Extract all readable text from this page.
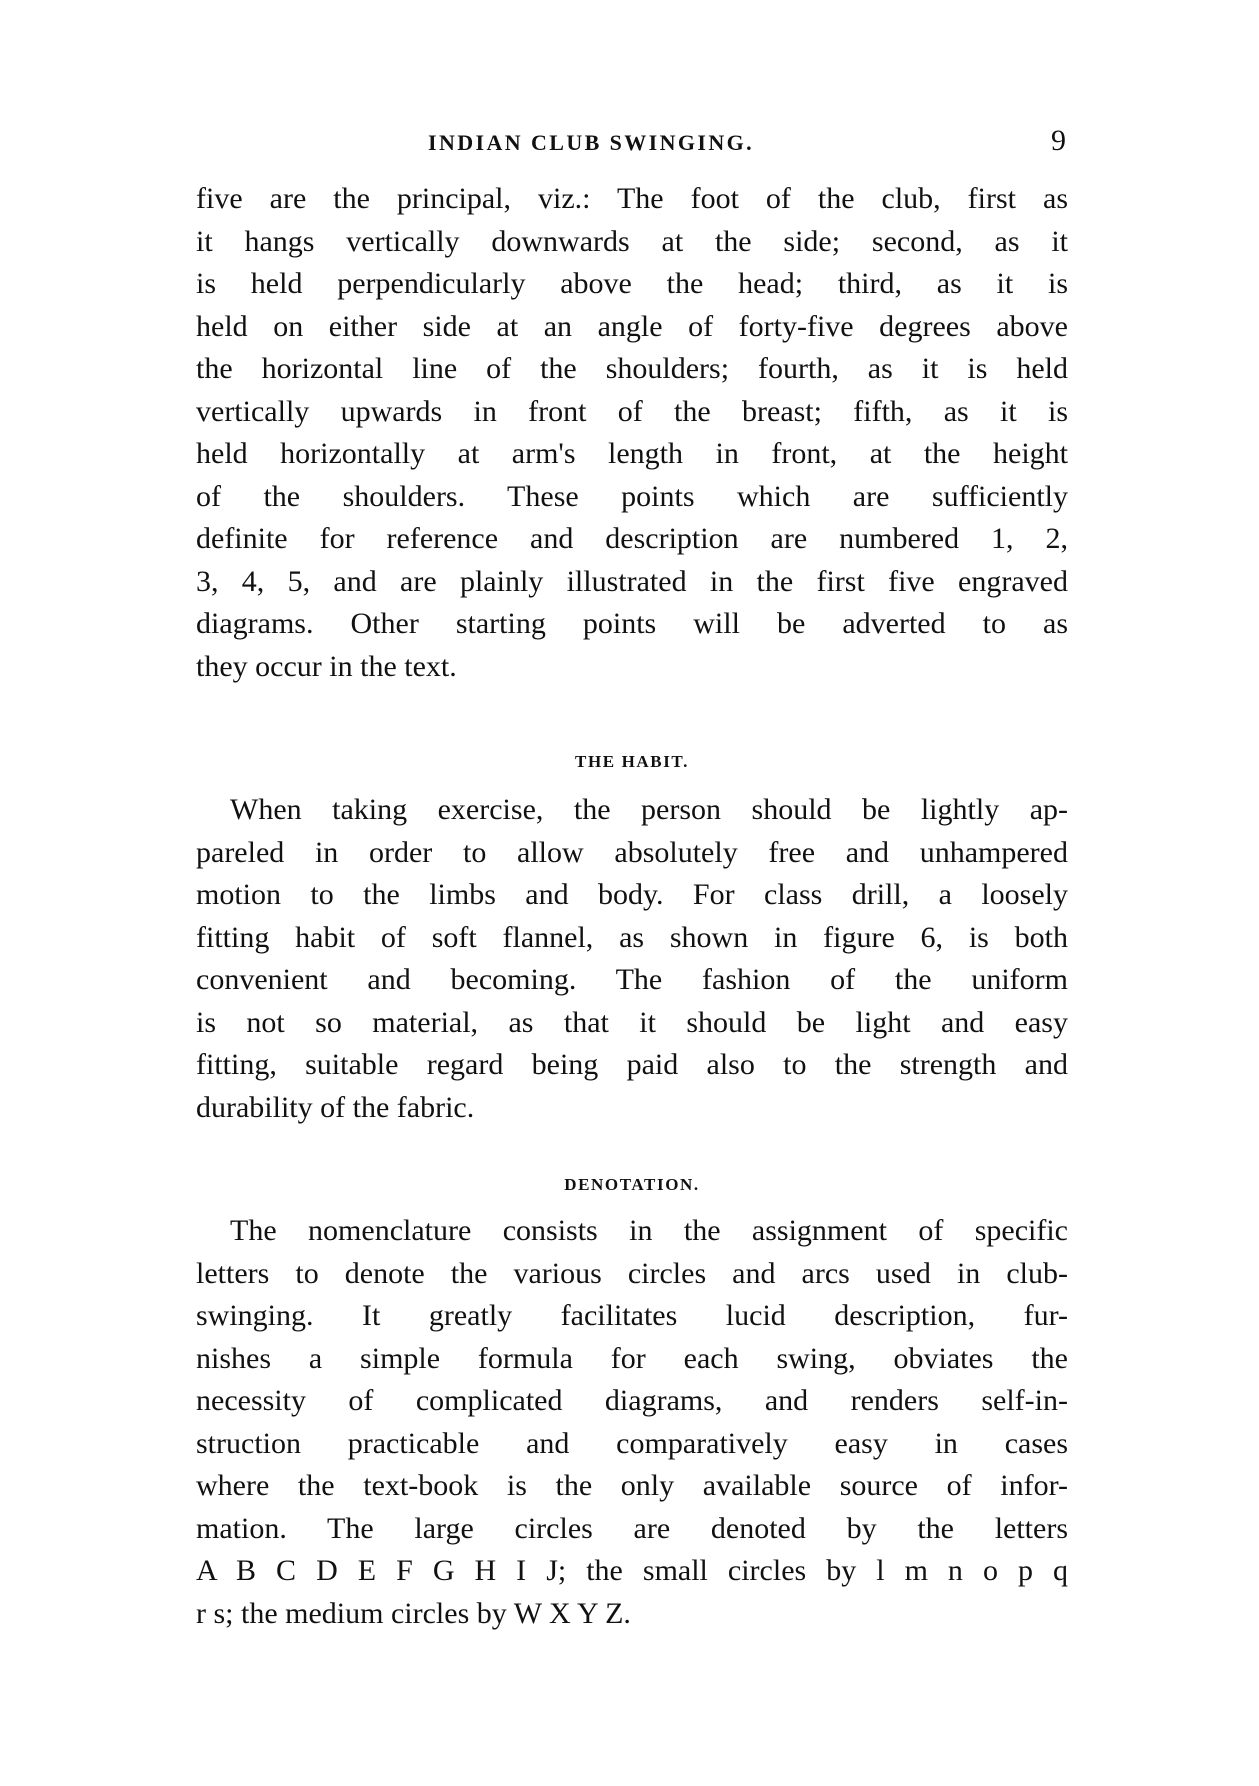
INDIAN CLUB SWINGING.	9
five are the principal, viz.: The foot of the club, first as
it hangs vertically downwards at the side; second, as it
is held perpendicularly above the head; third, as it is
held on either side at an angle of forty-five degrees above
the horizontal line of the shoulders; fourth, as it is held
vertically upwards in front of the breast; fifth, as it is
held horizontally at arm's length in front, at the height
of the shoulders. These points which are sufficiently
definite for reference and description are numbered 1, 2,
3, 4, 5, and are plainly illustrated in the first five engraved
diagrams. Other starting points will be adverted to as
they occur in the text.
THE HABIT.
When taking exercise, the person should be lightly ap-
pareled in order to allow absolutely free and unhampered
motion to the limbs and body. For class drill, a loosely
fitting habit of soft flannel, as shown in figure 6, is both
convenient and becoming. The fashion of the uniform
is not so material, as that it should be light and easy
fitting, suitable regard being paid also to the strength and
durability of the fabric.
DENOTATION.
The nomenclature consists in the assignment of specific
letters to denote the various circles and arcs used in club-
swinging. It greatly facilitates lucid description, fur-
nishes a simple formula for each swing, obviates the
necessity of complicated diagrams, and renders self-in-
struction practicable and comparatively easy in cases
where the text-book is the only available source of infor-
mation. The large circles are denoted by the letters
A B C D E F G H I J; the small circles by l m n o p q
r s; the medium circles by W X Y Z.
